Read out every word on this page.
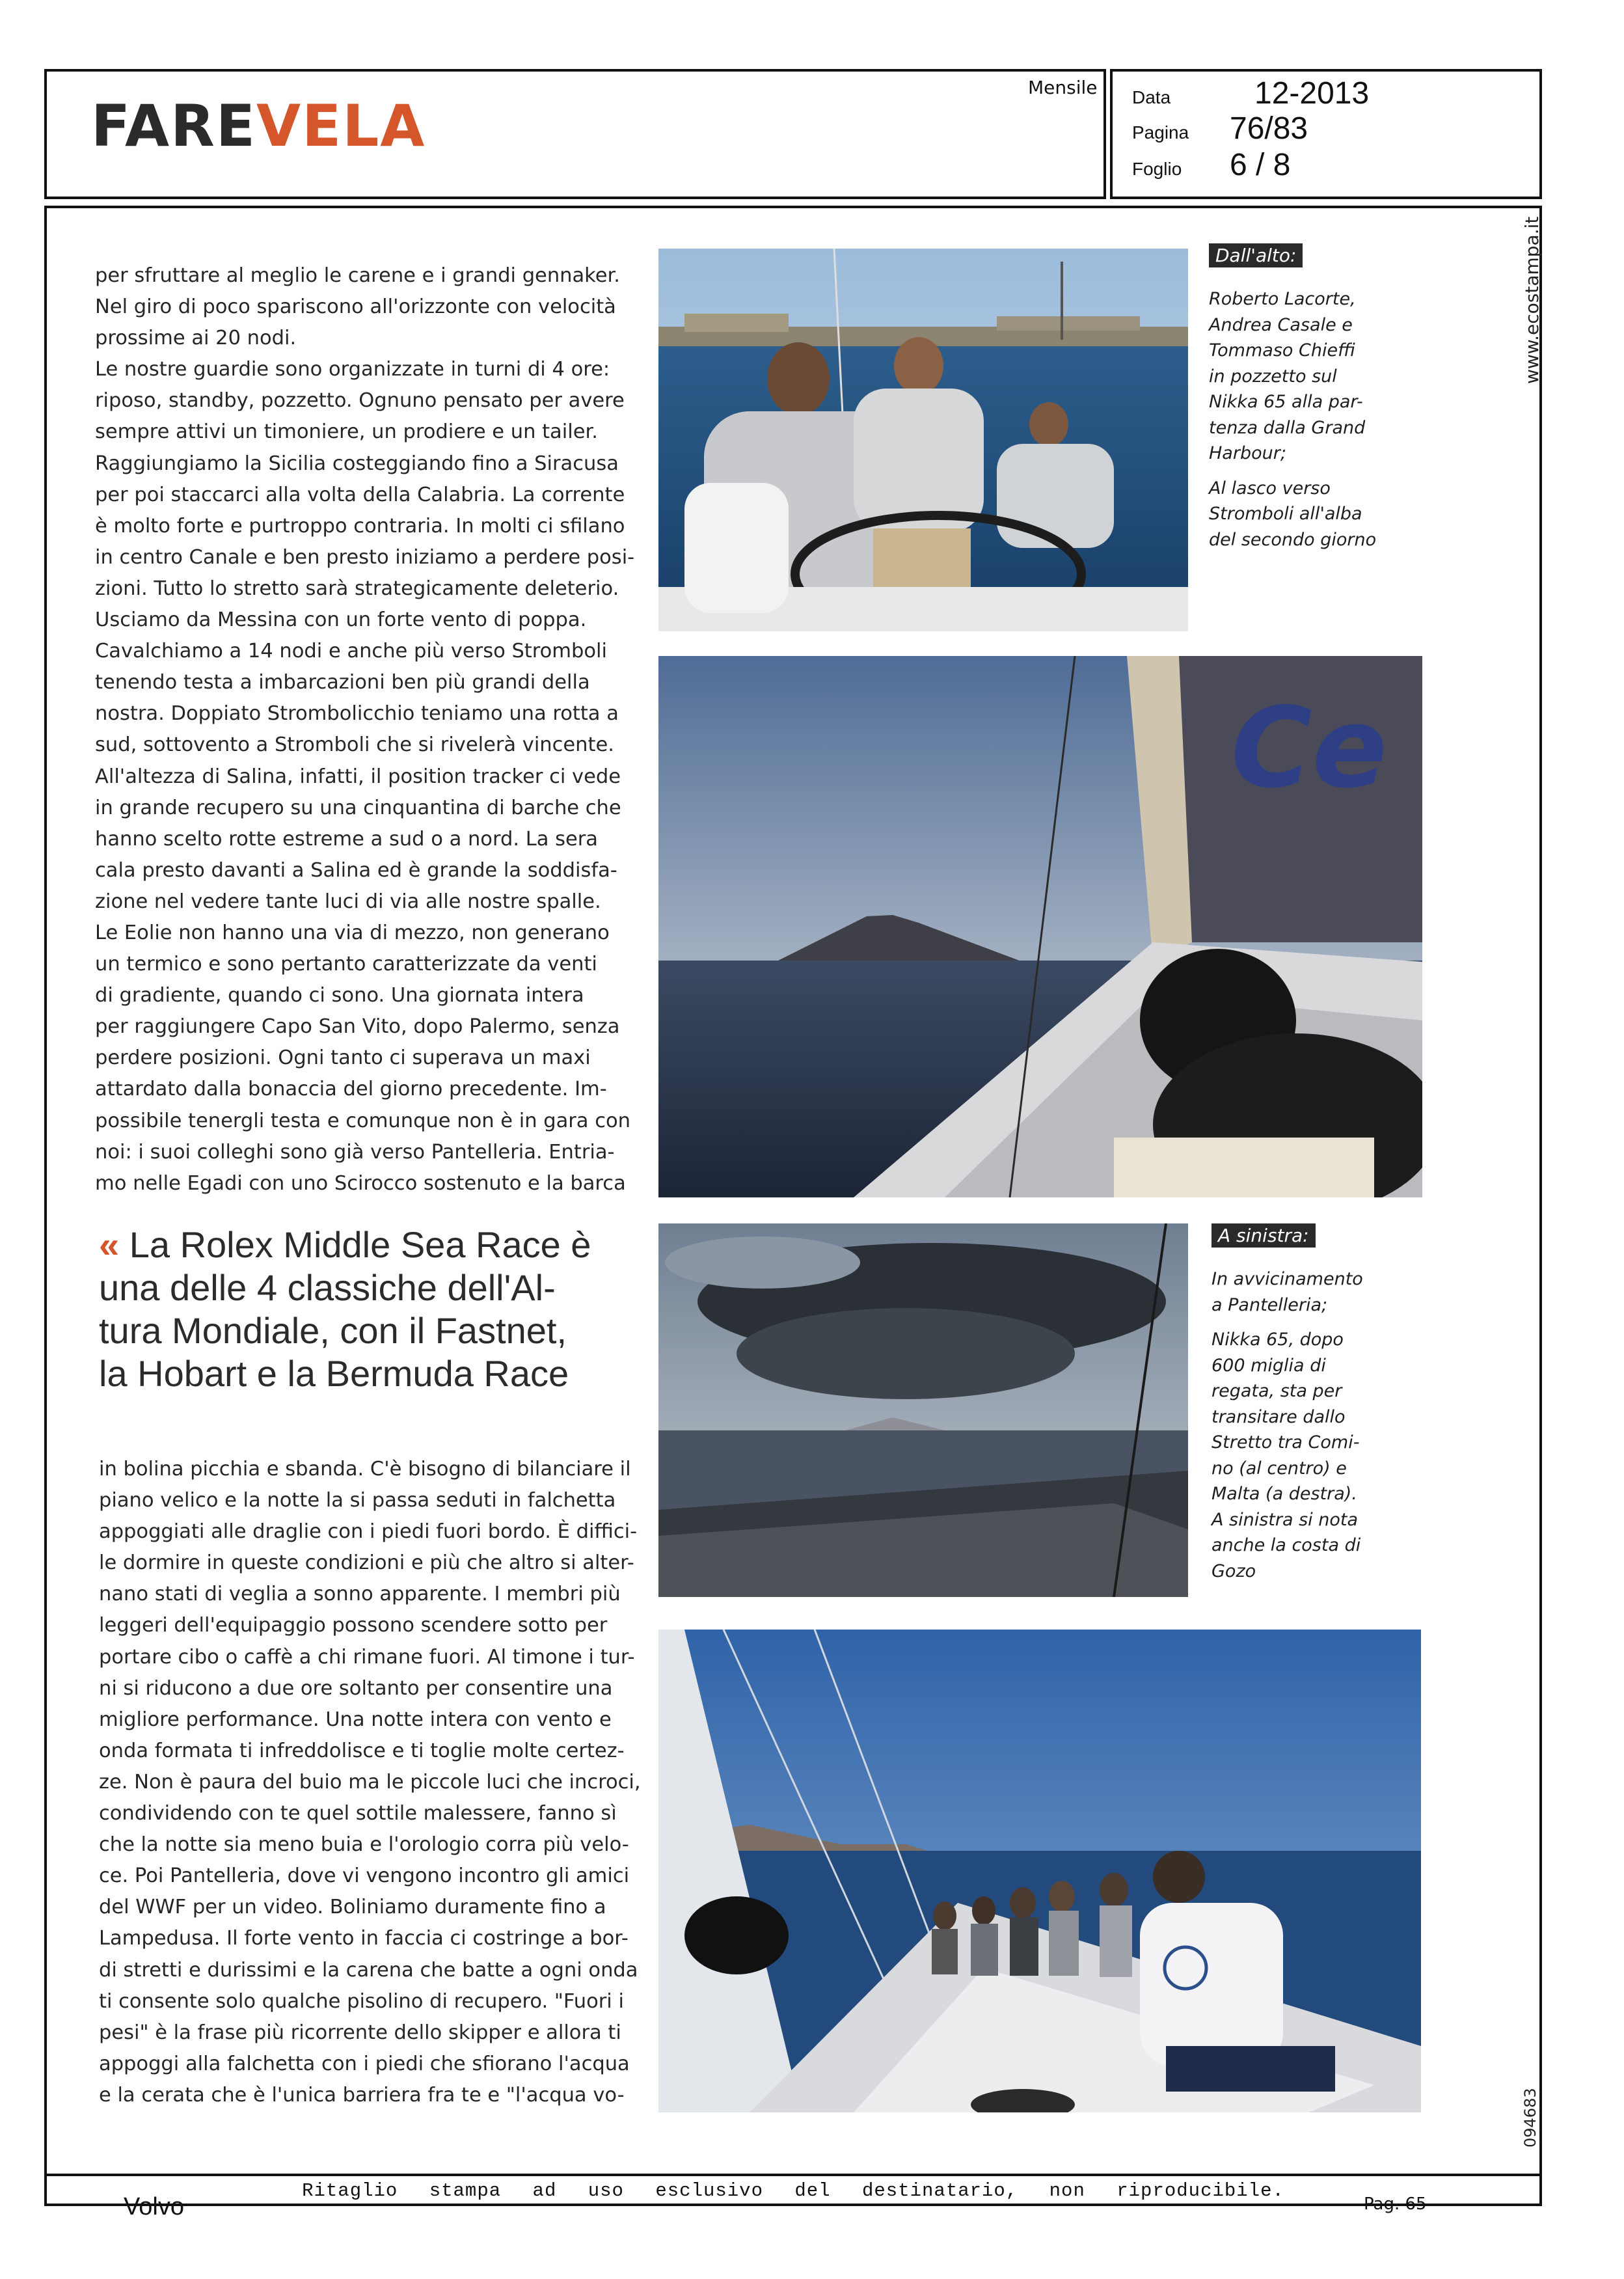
FAREVELA
Mensile Data	12-2013
Pagina 76/83
Foglio 6 / 8
Ritaglio stampa ad uso esclusivo del destinatario, non riproducibile.
www.ecostampa.it
094683
per sfruttare al meglio le carene e i grandi gennaker.
Nel giro di poco spariscono all'orizzonte con velocità
prossime ai 20 nodi.
Le nostre guardie sono organizzate in turni di 4 ore:
riposo, standby, pozzetto. Ognuno pensato per avere
sempre attivi un timoniere, un prodiere e un tailer.
Raggiungiamo la Sicilia costeggiando fino a Siracusa
per poi staccarci alla volta della Calabria. La corrente
è molto forte e purtroppo contraria. In molti ci sfilano
in centro Canale e ben presto iniziamo a perdere posi-
zioni. Tutto lo stretto sarà strategicamente deleterio.
Usciamo da Messina con un forte vento di poppa.
Cavalchiamo a 14 nodi e anche più verso Stromboli
tenendo testa a imbarcazioni ben più grandi della
nostra. Doppiato Strombolicchio teniamo una rotta a
sud, sottovento a Stromboli che si rivelerà vincente.
All'altezza di Salina, infatti, il position tracker ci vede
in grande recupero su una cinquantina di barche che
hanno scelto rotte estreme a sud o a nord. La sera
cala presto davanti a Salina ed è grande la soddisfa-
zione nel vedere tante luci di via alle nostre spalle.
Le Eolie non hanno una via di mezzo, non generano
un termico e sono pertanto caratterizzate da venti
di gradiente, quando ci sono. Una giornata intera
per raggiungere Capo San Vito, dopo Palermo, senza
perdere posizioni. Ogni tanto ci superava un maxi
attardato dalla bonaccia del giorno precedente. Im-
possibile tenergli testa e comunque non è in gara con
noi: i suoi colleghi sono già verso Pantelleria. Entria-
mo nelle Egadi con uno Scirocco sostenuto e la barca
« La Rolex Middle Sea Race è
una delle 4 classiche dell'Al-
tura Mondiale, con il Fastnet,
la Hobart e la Bermuda Race
in bolina picchia e sbanda. C'è bisogno di bilanciare il
piano velico e la notte la si passa seduti in falchetta
appoggiati alle draglie con i piedi fuori bordo. È diffici-
le dormire in queste condizioni e più che altro si alter-
nano stati di veglia a sonno apparente. I membri più
leggeri dell'equipaggio possono scendere sotto per
portare cibo o caffè a chi rimane fuori. Al timone i tur-
ni si riducono a due ore soltanto per consentire una
migliore performance. Una notte intera con vento e
onda formata ti infreddolisce e ti toglie molte certez-
ze. Non è paura del buio ma le piccole luci che incroci,
condividendo con te quel sottile malessere, fanno sì
che la notte sia meno buia e l'orologio corra più velo-
ce. Poi Pantelleria, dove vi vengono incontro gli amici
del WWF per un video. Boliniamo duramente fino a
Lampedusa. Il forte vento in faccia ci costringe a bor-
di stretti e durissimi e la carena che batte a ogni onda
ti consente solo qualche pisolino di recupero. "Fuori i
pesi" è la frase più ricorrente dello skipper e allora ti
appoggi alla falchetta con i piedi che sfiorano l'acqua
e la cerata che è l'unica barriera fra te e "l'acqua vo-
Ce
Dall'alto:
Roberto Lacorte,
Andrea Casale e
Tommaso Chieffi
in pozzetto sul
Nikka 65 alla par-
tenza dalla Grand
Harbour;
Al lasco verso
Stromboli all'alba
del secondo giorno
A sinistra:
In avvicinamento
a Pantelleria;
Nikka 65, dopo
600 miglia di
regata, sta per
transitare dallo
Stretto tra Comi-
no (al centro) e
Malta (a destra).
A sinistra si nota
anche la costa di
Gozo
Volvo	Pag. 65
